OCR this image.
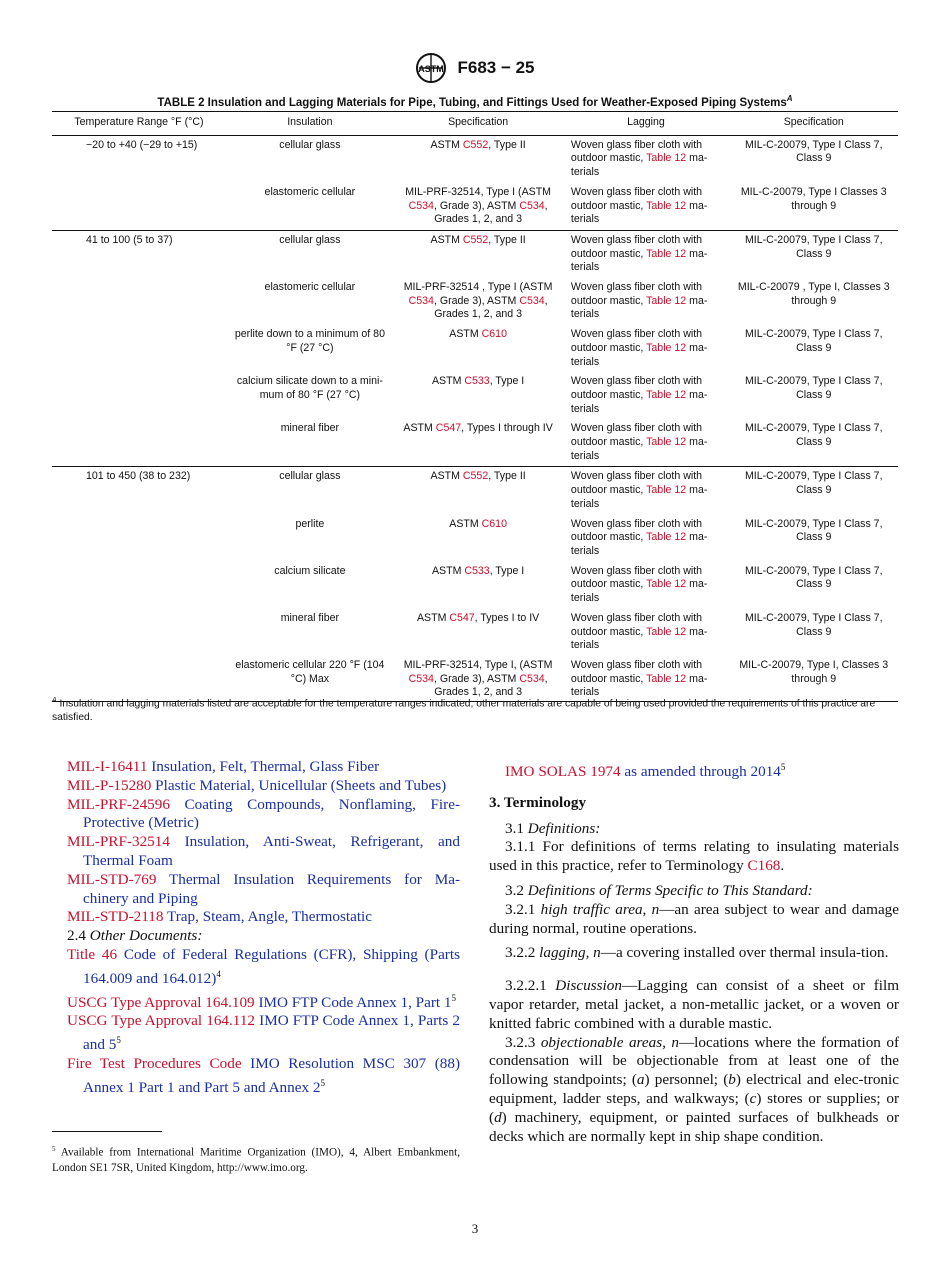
ASTM F683 − 25
TABLE 2 Insulation and Lagging Materials for Pipe, Tubing, and Fittings Used for Weather-Exposed Piping Systems$^A$
Temperature Range °F (°C)	Insulation	Specification	Lagging	Specification
−20 to +40 (−29 to +15)	cellular glass	ASTM C552, Type II	Woven glass fiber cloth with outdoor mastic, Table 12 ma-terials	MIL-C-20079, Type I Class 7, Class 9
	elastomeric cellular	MIL-PRF-32514, Type I (ASTM C534, Grade 3), ASTM C534, Grades 1, 2, and 3	Woven glass fiber cloth with outdoor mastic, Table 12 ma-terials	MIL-C-20079, Type I Classes 3 through 9
41 to 100 (5 to 37)	cellular glass	ASTM C552, Type II	Woven glass fiber cloth with outdoor mastic, Table 12 ma-terials	MIL-C-20079, Type I Class 7, Class 9
	elastomeric cellular	MIL-PRF-32514 , Type I (ASTM C534, Grade 3), ASTM C534, Grades 1, 2, and 3	Woven glass fiber cloth with outdoor mastic, Table 12 ma-terials	MIL-C-20079 , Type I, Classes 3 through 9
	perlite down to a minimum of 80 °F (27 °C)	ASTM C610	Woven glass fiber cloth with outdoor mastic, Table 12 ma-terials	MIL-C-20079, Type I Class 7, Class 9
	calcium silicate down to a mini-mum of 80 °F (27 °C)	ASTM C533, Type I	Woven glass fiber cloth with outdoor mastic, Table 12 ma-terials	MIL-C-20079, Type I Class 7, Class 9
	mineral fiber	ASTM C547, Types I through IV	Woven glass fiber cloth with outdoor mastic, Table 12 ma-terials	MIL-C-20079, Type I Class 7, Class 9
101 to 450 (38 to 232)	cellular glass	ASTM C552, Type II	Woven glass fiber cloth with outdoor mastic, Table 12 ma-terials	MIL-C-20079, Type I Class 7, Class 9
	perlite	ASTM C610	Woven glass fiber cloth with outdoor mastic, Table 12 ma-terials	MIL-C-20079, Type I Class 7, Class 9
	calcium silicate	ASTM C533, Type I	Woven glass fiber cloth with outdoor mastic, Table 12 ma-terials	MIL-C-20079, Type I Class 7, Class 9
	mineral fiber	ASTM C547, Types I to IV	Woven glass fiber cloth with outdoor mastic, Table 12 ma-terials	MIL-C-20079, Type I Class 7, Class 9
	elastomeric cellular 220 °F (104 °C) Max	MIL-PRF-32514, Type I, (ASTM C534, Grade 3), ASTM C534, Grades 1, 2, and 3	Woven glass fiber cloth with outdoor mastic, Table 12 ma-terials	MIL-C-20079, Type I, Classes 3 through 9
$^A$ Insulation and lagging materials listed are acceptable for the temperature ranges indicated; other materials are capable of being used provided the requirements of this practice are satisfied.
MIL-I-16411 Insulation, Felt, Thermal, Glass Fiber
MIL-P-15280 Plastic Material, Unicellular (Sheets and Tubes)
MIL-PRF-24596 Coating Compounds, Nonflaming, Fire-Protective (Metric)
MIL-PRF-32514 Insulation, Anti-Sweat, Refrigerant, and Thermal Foam
MIL-STD-769 Thermal Insulation Requirements for Ma-chinery and Piping
MIL-STD-2118 Trap, Steam, Angle, Thermostatic
2.4 Other Documents:
Title 46 Code of Federal Regulations (CFR), Shipping (Parts 164.009 and 164.012)$^4$
USCG Type Approval 164.109 IMO FTP Code Annex 1, Part $1^5$
USCG Type Approval 164.112 IMO FTP Code Annex 1, Parts 2 and $5^5$
Fire Test Procedures Code IMO Resolution MSC 307 (88) Annex 1 Part 1 and Part 5 and Annex $2^5$
$^5$ Available from International Maritime Organization (IMO), 4, Albert Embankment, London SE1 7SR, United Kingdom, http://www.imo.org.

IMO SOLAS 1974 as amended through 2014$^5$

3. Terminology

3.1 Definitions:

3.1.1 For definitions of terms relating to insulating materials used in this practice, refer to Terminology C168.

3.2 Definitions of Terms Specific to This Standard:

3.2.1 high traffic area, n—an area subject to wear and damage during normal, routine operations.

3.2.2 lagging, n—a covering installed over thermal insula-tion.

3.2.2.1 Discussion—Lagging can consist of a sheet or film vapor retarder, metal jacket, a non-metallic jacket, or a woven or knitted fabric combined with a durable mastic.

3.2.3 objectionable areas, n—locations where the formation of condensation will be objectionable from at least one of the following standpoints; (a) personnel; (b) electrical and elec-tronic equipment, ladder steps, and walkways; (c) stores or supplies; or (d) machinery, equipment, or painted surfaces of bulkheads or decks which are normally kept in ship shape condition.

3
